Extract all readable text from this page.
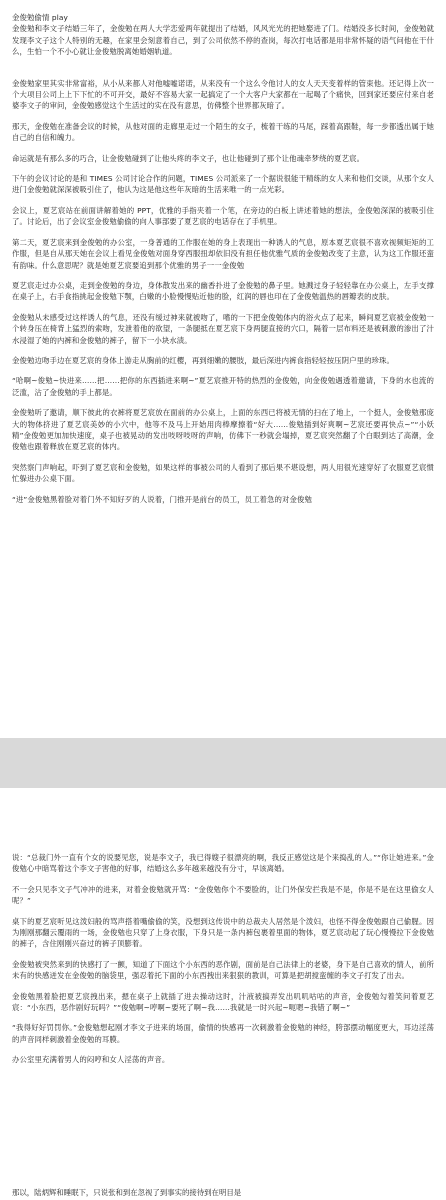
金俊勉偷情 play
金俊勉和李文子结婚三年了，金俊勉在两人大学恋爱两年就提出了结婚，风风光光的把她娶进了门。结婚没多长时间，金俊勉就发现李文子这个人特别的无趣，在家里会刻意着自己，到了公司依然不停的查岗，每次打电话都是用非常怀疑的语气问他在干什么，生怕一个不小心就让金俊勉脱离她婚姻轨道。

金俊勉家里其实非常富裕，从小从来都人对他嘘嘘诺诺，从来没有一个这么令他讨人的女人天天变着样的管束他。还记得上次一个大项目公司上上下下忙的不可开交，最好不容易大家一起搞定了一个大客户大家都在一起喝了个痛快，回到家还要应付来自老婆李文子的审问，金俊勉感觉这个生活过的实在没有意思，仿佛整个世界都灰暗了。

那天，金俊勉在准备会议的时候，从他对面的走廊里走过一个陌生的女子，梳着干练的马尾，踩着高跟鞋，每一步都透出属于她自己的自信和魄力。

命运就是有那么多的巧合，让金俊勉碰到了让他头疼的李文子，也让他碰到了那个让他魂牵梦绕的夏艺宸。

下午的会议讨论的是和 TIMES 公司讨论合作的问题，TIMES 公司派来了一个据说很能干精练的女人来和他们交谈，从那个女人进门金俊勉就深深被吸引住了，他认为这是他这些年灰暗的生活来唯一的一点光彩。

会议上，夏艺宸站在前面讲解着她的 PPT，优雅的手指夹着一个笔，在旁边的白板上讲述着她的想法，金俊勉深深的被吸引住了。讨论后，出了会议室金俊勉偷偷的向人事部要了夏艺宸的电话存在了手机里。

第二天，夏艺宸来到金俊勉的办公室，一身普通的工作服在她的身上表现出一种诱人的气息，原本夏艺宸很不喜欢视频矩矩的工作服，但是自从那天她在会议上看见金俊勉对面身穿西服扭却依旧没有担任他优雅气质的金俊勉改变了主意，认为这工作服还蛮有韵味。什么意思呢？就是她夏艺宸要追到那个优雅的男子一一金俊勉

夏艺宸走过办公桌，走到金俊勉的身边，身体散发出来的幽香扑进了金俊勉的鼻子里。她溅过身子轻轻靠在办公桌上，左手支撑在桌子上，右手食指挑起金俊勉下颚，白嫩的小脸慢慢贴近他的脸，红润的唇也印在了金俊勉温热的唇瓣表的皮肤。

金俊勉从未感受过这样诱人的气息，还没有缓过神来就被吻了，嗜的一下把金俊勉体内的浴火点了起来，瞬间夏艺宸被金俊勉一个转身压在椅背上猛烈的索吻，发泄着他的欲望，一条腿抵在夏艺宸下身两腿直接的穴口，隔着一层布料还是被刺激的渗出了汁水浸湿了她的内裤和金俊勉的裤子，留下一小块水渍。

金俊勉边吻手边在夏艺宸的身体上游走从胸前的红樱，再到细嫩的腰肢，最后深进内裤食指轻轻按压阴户里的珍珠。

“哈啊~俊勉~快进来……把……把你的东西插进来啊~”夏艺宸推开特的热烈的金俊勉，向金俊勉遇透着邀请，下身的水也流的泛滥，沾了金俊勉的手上都是。

金俊勉听了邀请，顺下彼此的衣裤将夏艺宸放在面前的办公桌上，上面的东西已将被无情的扫在了地上，一个挺人，金俊勉那庞大的物体挤进了夏艺宸美妙的小穴中，他等不及马上开始用肉棒摩擦着“好大……俊勉插到好爽啊~艺宸还要再快点~”“小妖精”金俊勉更加加快速度，桌子也被晃动的发出吱呀吱呀的声响，仿佛下一秒就会塌掉，夏艺宸突然翻了个白眼到达了高潮，金俊勉也跟着释放在夏艺宸的体内。

突然察门声响起，吓到了夏艺宸和金俊勉，如果这样的事被公司的人看到了那后果不堪设想，两人用很光速穿好了衣服夏艺宸惯忙躲进办公桌下面。

“进”金俊勉黑着脸对着门外不知好歹的人说着，门推开是前台的员工，员工着急的对金俊勉

说：“总裁门外一直有个女的说要见您，说是李文子，我已得嫂子很漂亮的啊，我反正感觉这是个来捣乱的人。”“你让她进来。”金俊勉心中暗骂着这个李文子害他的好事，结婚这么多年越来越没有分寸，早该离婚。

不一会只见李文子气冲冲的进来，对着金俊勉就开骂：“金俊勉你个不要脸的，让门外保安拦我是不是，你是不是在这里偷女人呢？”

桌下的夏艺宸听见这泼妇般的骂声搭着嘴偷偷的笑，没想到这传说中的总裁夫人居然是个泼妇，也怪不得金俊勉跟自己偷腥。因为刚刚那翻云覆雨的一场，金俊勉也只穿了上身衣服，下身只是一条内裤包裹着里面的物体，夏艺宸动起了玩心慢慢拉下金俊勉的裤子，含住刚刚兴奋过的裤子顶膨着。

金俊勉被突然来到的快感打了一颤，知道了下面这个小东西的恶作剧，面前是自己法律上的老婆，身下是自己喜欢的情人，前所未有的快感迸发在金俊勉的脑袋里，强忍着托下面的小东西拽出来狠狠的教训，可算是把胡搅蛮缠的李文子打发了出去。

金俊勉黑着脸把夏艺宸拽出来，摁在桌子上就插了进去操动这时，汁液被搞弄发出叽叽咕咕的声音，金俊勉勾着笑问着夏艺宸：“小东西，恶作剧好玩吗？”“俊勉啊~哼啊~要死了啊~我……我就是一时兴起~呃嗯~我错了啊~”

“我得好好罚罚你。”金俊勉想起刚才李文子进来的场面，偷情的快感再一次刺激着金俊勉的神经，胯部摆动幅度更大，耳边淫荡的声音同样刺激着金俊勉的耳膜。

办公室里充满着男人的闷哼和女人淫荡的声音。

那以，陆炳辉和睡眠下，只说张和到在忽视了到事实的接待到在明目是
